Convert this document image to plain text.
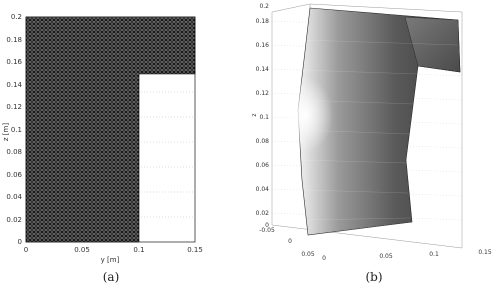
0
0.02
0.04
0.06
0.08
0.1
0.12
0.14
0.16
0.18
0.2
0	0.05	0.1	0.15
y [m]
z [m]
(a)
0.2
0.18
0.16
0.14
0.12
0.1
0.08
0.06
0.04
0.02
0
z
-0.05
0
0.05
0	0.05	0.1	0.15
(b)
